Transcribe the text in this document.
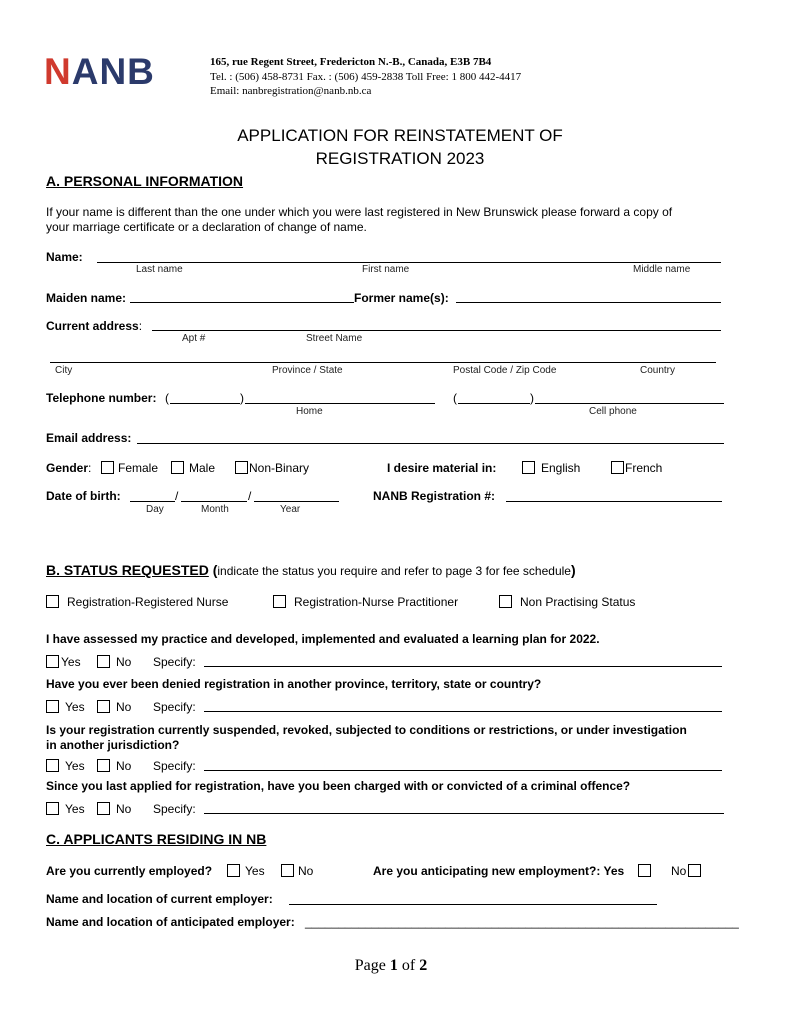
NANB	165, rue Regent Street, Fredericton N.-B., Canada, E3B 7B4
Tel. : (506) 458-8731 Fax. : (506) 459-2838 Toll Free: 1 800 442-4417
Email: nanbregistration@nanb.nb.ca
APPLICATION FOR REINSTATEMENT OF
REGISTRATION 2023
A. PERSONAL INFORMATION
If your name is different than the one under which you were last registered in New Brunswick please forward a copy of
your marriage certificate or a declaration of change of name.
Name:
Last name	First name	Middle name
Maiden name:	Former name(s):
Current address:
Apt #	Street Name
City	Province / State	Postal Code / Zip Code	Country
Telephone number: (	)
Home
(	)
Cell phone
Email address:
Gender: Female	Male	Non-Binary	I desire material in:	English	French
Date of birth:	/	/
Day	Month	Year
NANB Registration #:
B. STATUS REQUESTED (indicate the status you require and refer to page 3 for fee schedule)
Registration-Registered Nurse	Registration-Nurse Practitioner	Non Practising Status
I have assessed my practice and developed, implemented and evaluated a learning plan for 2022.
Yes	No Specify:
Have you ever been denied registration in another province, territory, state or country?
Yes	No Specify:
Is your registration currently suspended, revoked, subjected to conditions or restrictions, or under investigation
in another jurisdiction?
Yes	No Specify:
Since you last applied for registration, have you been charged with or convicted of a criminal offence?
Yes	No Specify:
C. APPLICANTS RESIDING IN NB
Are you currently employed?	Yes	No	Are you anticipating new employment?: Yes	No
Name and location of current employer:
Name and location of anticipated employer: _________________________________________________________________
Page 1 of 2
